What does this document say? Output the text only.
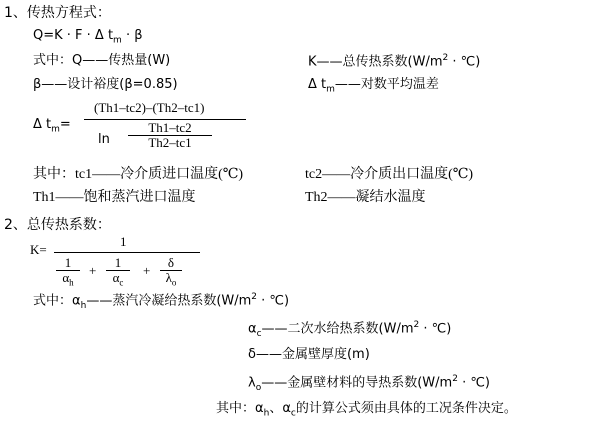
1、传热方程式：
Q=K · F · Δ $t_m \cdot \beta$
式中：Q——传热量(W)	K——总传热系数($W/m^2$ · ℃)
β——设计裕度(β=0.85)	Δ $t_m——$对数平均温差
Δ $t_m=$
(Th1–tc2)–(Th2–tc1)
ln
Th1–tc2
Th2–tc1
其中：tc1——冷介质进口温度(℃)	tc2——冷介质出口温度(℃)
Th1——饱和蒸汽进口温度	Th2——凝结水温度
2、总传热系数：
K=
1
1
$\alpha_h$
+
1
$\alpha_c$
+
δ
$\lambda_o$
式中：$\alpha_h——$蒸汽冷凝给热系数($W/m^2$ · ℃)
$\alpha_c——$二次水给热系数($W/m^2$ · ℃)
δ——金属壁厚度(m)
$\lambda_o——$金属壁材料的导热系数($W/m^2$ · ℃)
其中：$\alpha_h$、$\alpha_c$的计算公式须由具体的工况条件决定。
